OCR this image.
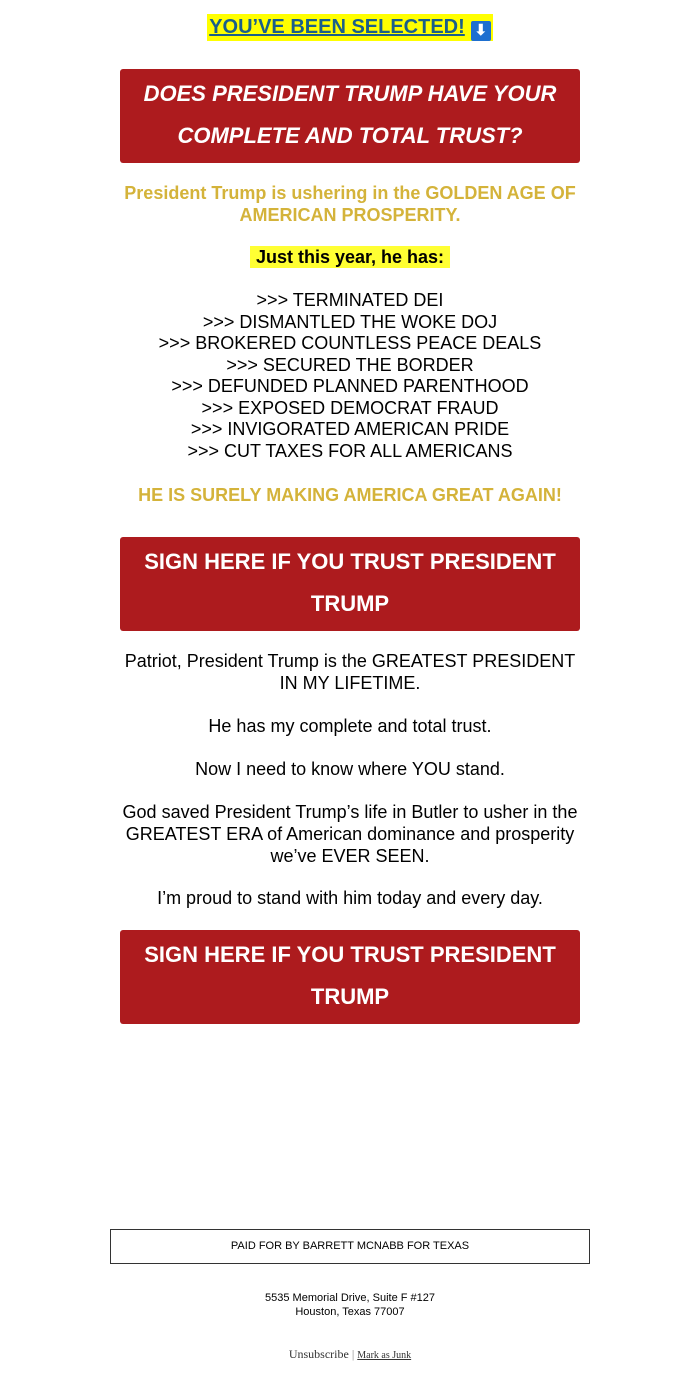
YOU’VE BEEN SELECTED! ⬇
DOES PRESIDENT TRUMP HAVE YOUR
COMPLETE AND TOTAL TRUST?
President Trump is ushering in the GOLDEN AGE OF
AMERICAN PROSPERITY.
Just this year, he has:
>>> TERMINATED DEI
>>> DISMANTLED THE WOKE DOJ
>>> BROKERED COUNTLESS PEACE DEALS
>>> SECURED THE BORDER
>>> DEFUNDED PLANNED PARENTHOOD
>>> EXPOSED DEMOCRAT FRAUD
>>> INVIGORATED AMERICAN PRIDE
>>> CUT TAXES FOR ALL AMERICANS
HE IS SURELY MAKING AMERICA GREAT AGAIN!
SIGN HERE IF YOU TRUST PRESIDENT
TRUMP
Patriot, President Trump is the GREATEST PRESIDENT
IN MY LIFETIME.
He has my complete and total trust.
Now I need to know where YOU stand.
God saved President Trump’s life in Butler to usher in the
GREATEST ERA of American dominance and prosperity
we’ve EVER SEEN.
I’m proud to stand with him today and every day.
SIGN HERE IF YOU TRUST PRESIDENT
TRUMP
PAID FOR BY BARRETT MCNABB FOR TEXAS
5535 Memorial Drive, Suite F #127
Houston, Texas 77007
Unsubscribe | Mark as Junk
